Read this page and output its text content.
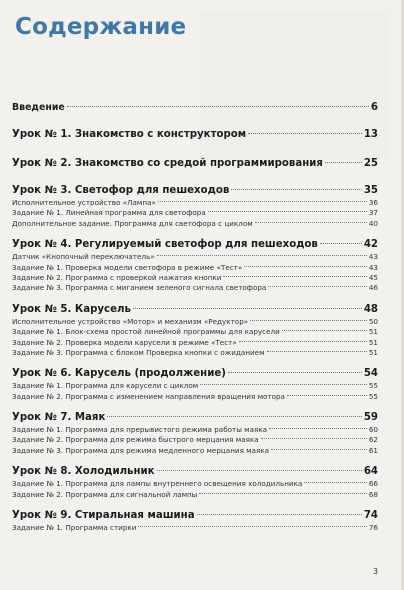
Содержание
Введение	6
Урок № 1. Знакомство с конструктором	13
Урок № 2. Знакомство со средой программирования	25
Урок № 3. Светофор для пешеходов	35
Исполнительное устройство «Лампа»	36
Задание № 1. Линейная программа для светофора	37
Дополнительное задание. Программа для светофора с циклом	40
Урок № 4. Регулируемый светофор для пешеходов	42
Датчик «Кнопочный переключатель»	43
Задание № 1. Проверка модели светофора в режиме «Тест»	43
Задание № 2. Программа с проверкой нажатия кнопки	45
Задание № 3. Программа с миганием зеленого сигнала светофора	46
Урок № 5. Карусель	48
Исполнительное устройство «Мотор» и механизм «Редуктор»	50
Задание № 1. Блок-схема простой линейной программы для карусели	51
Задание № 2. Проверка модели карусели в режиме «Тест»	51
Задание № 3. Программа с блоком Проверка кнопки с ожиданием	51
Урок № 6. Карусель (продолжение)	54
Задание № 1. Программа для карусели с циклом	55
Задание № 2. Программа с изменением направления вращения мотора	55
Урок № 7. Маяк	59
Задание № 1. Программа для прерывистого режима работы маяка	60
Задание № 2. Программа для режима быстрого мерцания маяка	62
Задание № 3. Программа для режима медленного мерцания маяка	61
Урок № 8. Холодильник	64
Задание № 1. Программа для лампы внутреннего освещения холодильника	66
Задание № 2. Программа для сигнальной лампы	68
Урок № 9. Стиральная машина	74
Задание № 1. Программа стирки	76
3
